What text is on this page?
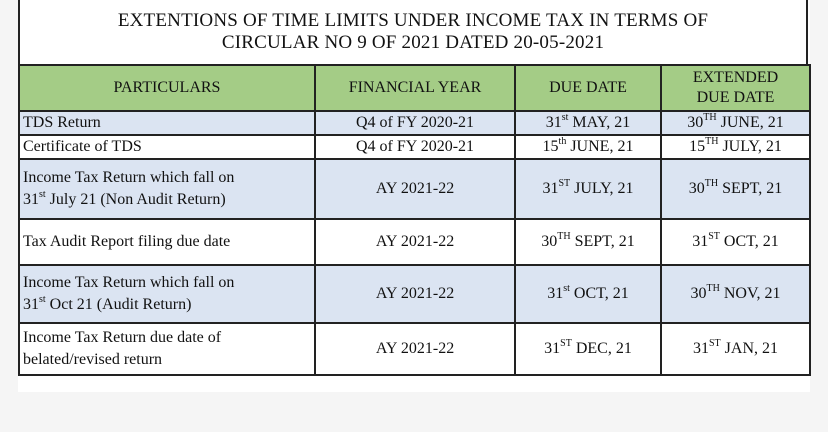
EXTENTIONS OF TIME LIMITS UNDER INCOME TAX IN TERMS OF
CIRCULAR NO 9 OF 2021 DATED 20-05-2021
PARTICULARS	FINANCIAL YEAR	DUE DATE	EXTENDED
DUE DATE

TDS Return	Q4 of FY 2020-21	31st MAY, 21	30TH JUNE, 21
Certificate of TDS	Q4 of FY 2020-21	15th JUNE, 21	15TH JULY, 21

Income Tax Return which fall on
31st July 21 (Non Audit Return)	AY 2021-22	31ST JULY, 21	30TH SEPT, 21
Tax Audit Report filing due date	AY 2021-22	30TH SEPT, 21	31ST OCT, 21

Income Tax Return which fall on
31st Oct 21 (Audit Return)	AY 2021-22	31st OCT, 21	30TH NOV, 21

Income Tax Return due date of
belated/revised return	AY 2021-22	31ST DEC, 21	31ST JAN, 21
